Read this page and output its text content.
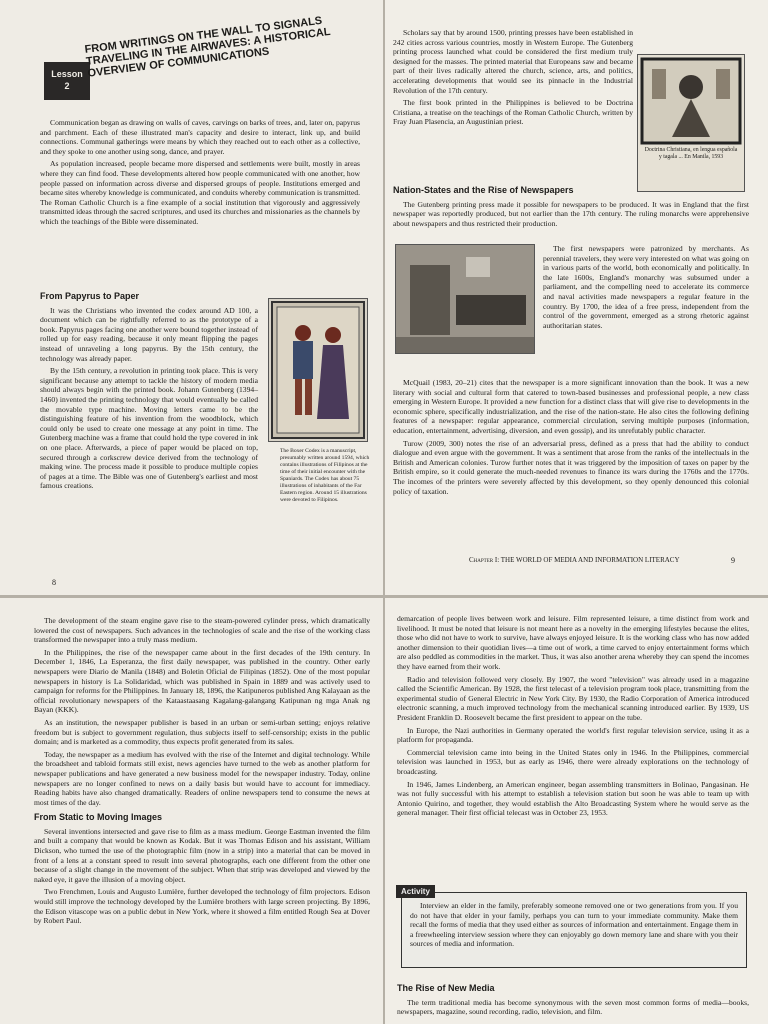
Lesson
2
FROM WRITINGS ON THE WALL TO SIGNALS TRAVELING IN THE AIRWAVES: A HISTORICAL OVERVIEW OF COMMUNICATIONS

Communication began as drawing on walls of caves, carvings on barks of trees, and, later on, papyrus and parchment. Each of these illustrated man's capacity and desire to interact, link up, and build connections. Communal gatherings were means by which they reached out to each other as a collective, and they spoke to one another using song, dance, and prayer.

As population increased, people became more dispersed and settlements were built, mostly in areas where they can find food. These developments altered how people communicated with one another, how people passed on information across diverse and dispersed groups of people. Institutions emerged and became sites whereby knowledge is communicated, and conduits whereby communication is transmitted. The Roman Catholic Church is a fine example of a social institution that vigorously and aggressively transmitted ideas through the sacred scriptures, and used its churches and missionaries as the channels by which the teachings of the Bible were disseminated.

From Papyrus to Paper

It was the Christians who invented the codex around AD 100, a document which can be rightfully referred to as the prototype of a book. Papyrus pages facing one another were bound together instead of rolled up for easy reading, because it only meant flipping the pages instead of unraveling a long papyrus. By the 15th century, the technology was already paper.

By the 15th century, a revolution in printing took place. This is very significant because any attempt to tackle the history of modern media should always begin with the printed book. Johann Gutenberg (1394–1460) invented the printing technology that would eventually be called the movable type machine. Moving letters came to be the distinguishing feature of his invention from the woodblock, which could only be used to create one message at any point in time. The Gutenberg machine was a frame that could hold the type covered in ink on one place. Afterwards, a piece of paper would be placed on top, secured through a corkscrew device derived from the technology of making wine. The process made it possible to produce multiple copies of pages at a time. The Bible was one of Gutenberg's earliest and most famous creations.

The Boxer Codex is a manuscript, presumably written around 1594, which contains illustrations of Filipinos at the time of their initial encounter with the Spaniards. The Codex has about 75 illustrations of inhabitants of the Far Eastern region. Around 15 illustrations were devoted to Filipinos.
8

Scholars say that by around 1500, printing presses have been established in 242 cities across various countries, mostly in Western Europe. The Gutenberg printing process launched what could be considered the first medium truly designed for the masses. The printed material that Europeans saw and became part of their lives radically altered the church, science, arts, and politics, accelerating developments that would see its pinnacle in the Industrial Revolution of the 17th century.

The first book printed in the Philippines is believed to be Doctrina Cristiana, a treatise on the teachings of the Roman Catholic Church, written by Fray Juan Plasencia, an Augustinian priest.

Doctrina Christiana, en lengua española y tagala ... En Manila, 1593
Nation-States and the Rise of Newspapers

The Gutenberg printing press made it possible for newspapers to be produced. It was in England that the first newspaper was reportedly produced, but not earlier than the 17th century. The ruling monarchs were apprehensive about newspapers and thus restricted their production.

The first newspapers were patronized by merchants. As perennial travelers, they were very interested on what was going on in various parts of the world, both economically and politically. In the late 1600s, England's monarchy was subsumed under a parliament, and the compelling need to accelerate its commerce and naval activities made newspapers a regular feature in the country. By 1700, the idea of a free press, independent from the control of the government, emerged as a strong rhetoric against authoritarian states.

McQuail (1983, 20–21) cites that the newspaper is a more significant innovation than the book. It was a new literary with social and cultural form that catered to town-based businesses and professional people, a new class emerging in Western Europe. It provided a new function for a distinct class that will give rise to developments in the economic sphere, specifically industrialization, and the rise of the nation-state. He also cites the following defining features of a newspaper: regular appearance, commercial circulation, serving multiple purposes (information, education, entertainment, advertising, diversion, and even gossip), and its unrefutably public character.

Turow (2009, 300) notes the rise of an adversarial press, defined as a press that had the ability to conduct dialogue and even argue with the government. It was a sentiment that arose from the ranks of the intellectuals in the British and American colonies. Turow further notes that it was triggered by the imposition of taxes on paper by the British empire, so it could generate the much-needed revenues to finance its wars during the 1760s and the 1770s. The incomes of the printers were severely affected by this development, so they openly denounced this colonial policy of taxation.

Chapter I: THE WORLD OF MEDIA AND INFORMATION LITERACY	9

The development of the steam engine gave rise to the steam-powered cylinder press, which dramatically lowered the cost of newspapers. Such advances in the technologies of scale and the rise of the working class transformed the newspaper into a truly mass medium.

In the Philippines, the rise of the newspaper came about in the first decades of the 19th century. In December 1, 1846, La Esperanza, the first daily newspaper, was published in the country. Other early newspapers were Diario de Manila (1848) and Boletin Oficial de Filipinas (1852). One of the most popular newspapers in history is La Solidaridad, which was published in Spain in 1889 and was actively used to campaign for reforms for the Philippines. In January 18, 1896, the Katipuneros published Ang Kalayaan as the official revolutionary newspapers of the Kataastaasang Kagalang-galangang Katipunan ng mga Anak ng Bayan (KKK).

As an institution, the newspaper publisher is based in an urban or semi-urban setting; enjoys relative freedom but is subject to government regulation, thus subjects itself to self-censorship; exists in the public domain; and is marketed as a commodity, thus expects profit generated from its sales.

Today, the newspaper as a medium has evolved with the rise of the Internet and digital technology. While the broadsheet and tabloid formats still exist, news agencies have turned to the web as another platform for newspaper publications and have generated a new business model for the newspaper industry. Today, online newspapers are no longer confined to news on a daily basis but would have to account for immediacy. Reading habits have also changed dramatically. Readers of online newspapers tend to consume the news at most times of the day.

From Static to Moving Images

Several inventions intersected and gave rise to film as a mass medium. George Eastman invented the film and built a company that would be known as Kodak. But it was Thomas Edison and his assistant, William Dickson, who turned the use of the photographic film (now in a strip) into a material that can be moved in front of a lens at a constant speed to result into several photographs, each one different from the other one because of a slight change in the movement of the subject. When that strip was developed and viewed by the naked eye, it gave the illusion of a moving object.

Two Frenchmen, Louis and Augusto Lumière, further developed the technology of film projectors. Edison would still improve the technology developed by the Lumière brothers with large screen projecting. By 1896, the Edison vitascope was on a public debut in New York, where it showed a film entitled Rough Sea at Dover by Robert Paul.

demarcation of people lives between work and leisure. Film represented leisure, a time distinct from work and livelihood. It must be noted that leisure is not meant here as a novelty in the emerging lifestyles because the elites, those who did not have to work to survive, have always enjoyed leisure. It is the working class who has now added another dimension to their quotidian lives—a time out of work, a time carved to enjoy entertainment forms which are also peddled as commodities in the market. Thus, it was also another arena whereby they can spend the incomes they have earned from their work.

Radio and television followed very closely. By 1907, the word "television" was already used in a magazine called the Scientific American. By 1928, the first telecast of a television program took place, transmitting from the experimental studio of General Electric in New York City. By 1930, the Radio Corporation of America introduced electronic scanning, a much improved technology from the mechanical scanning introduced earlier. By 1939, US President Franklin D. Roosevelt became the first president to appear on the tube.

In Europe, the Nazi authorities in Germany operated the world's first regular television service, using it as a platform for propaganda.

Commercial television came into being in the United States only in 1946. In the Philippines, commercial television was launched in 1953, but as early as 1946, there were already explorations on the technology of broadcasting.

In 1946, James Lindenberg, an American engineer, began assembling transmitters in Bolinao, Pangasinan. He was not fully successful with his attempt to establish a television station but soon he was able to team up with Antonio Quirino, and together, they would establish the Alto Broadcasting System where he would serve as the general manager. Their first official telecast was in October 23, 1953.

Activity

Interview an elder in the family, preferably someone removed one or two generations from you. If you do not have that elder in your family, perhaps you can turn to your immediate community. Make them recall the forms of media that they used either as sources of information and entertainment. Engage them in a freewheeling interview session where they can enjoyably go down memory lane and share with you their sources of media and information.

The Rise of New Media

The term traditional media has become synonymous with the seven most common forms of media—books, newspapers, magazine, sound recording, radio, television, and film.
